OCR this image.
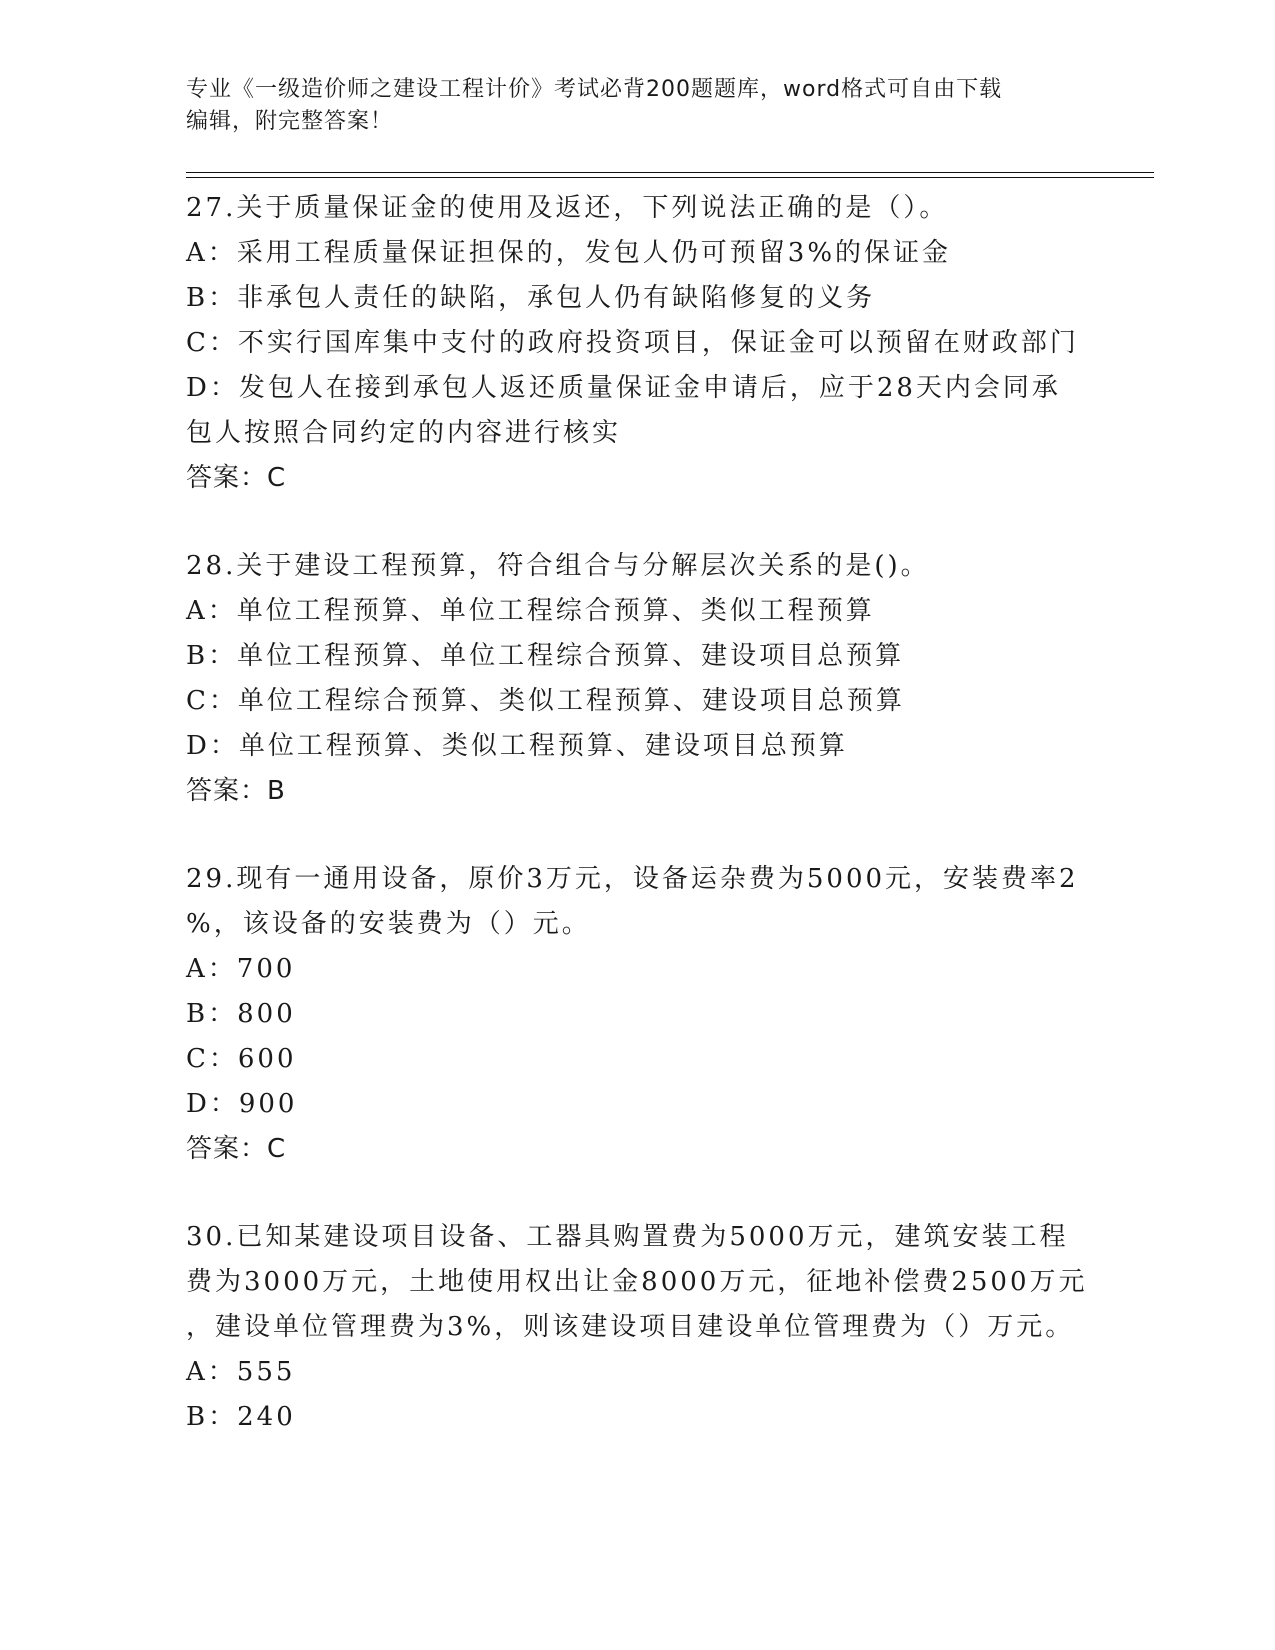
专业《一级造价师之建设工程计价》考试必背200题题库，word格式可自由下载
编辑，附完整答案！
27.关于质量保证金的使用及返还，下列说法正确的是（）。
A：采用工程质量保证担保的，发包人仍可预留3%的保证金
B：非承包人责任的缺陷，承包人仍有缺陷修复的义务
C：不实行国库集中支付的政府投资项目，保证金可以预留在财政部门
D：发包人在接到承包人返还质量保证金申请后，应于28天内会同承
包人按照合同约定的内容进行核实
答案：C
28.关于建设工程预算，符合组合与分解层次关系的是()。
A：单位工程预算、单位工程综合预算、类似工程预算
B：单位工程预算、单位工程综合预算、建设项目总预算
C：单位工程综合预算、类似工程预算、建设项目总预算
D：单位工程预算、类似工程预算、建设项目总预算
答案：B
29.现有一通用设备，原价3万元，设备运杂费为5000元，安装费率2
%，该设备的安装费为（）元。
A：700
B：800
C：600
D：900
答案：C
30.已知某建设项目设备、工器具购置费为5000万元，建筑安装工程
费为3000万元，土地使用权出让金8000万元，征地补偿费2500万元
，建设单位管理费为3%，则该建设项目建设单位管理费为（）万元。
A：555
B：240
